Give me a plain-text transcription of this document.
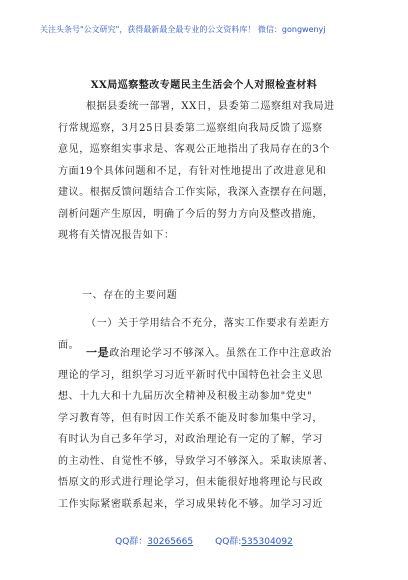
关注头条号"公文研究"，获得最新最全最专业的公文资料库！ 微信：gongwenyj
XX局巡察整改专题民主生活会个人对照检查材料
根据县委统一部署，XX日，县委第二巡察组对我局进
行常规巡察，3月25日县委第二巡察组向我局反馈了巡察
意见，巡察组实事求是、客观公正地指出了我局存在的3个
方面19个具体问题和不足，有针对性地提出了改进意见和
建议。根据反馈问题结合工作实际，我深入查摆存在问题，
剖析问题产生原因，明确了今后的努力方向及整改措施，
现将有关情况报告如下：
一、存在的主要问题
（一）关于学用结合不充分，落实工作要求有差距方
面。
一是政治理论学习不够深入。虽然在工作中注意政治
理论的学习，组织学习习近平新时代中国特色社会主义思
想、十九大和十九届历次全精神及积极主动参加"党史"
学习教育等，但有时因工作关系不能及时参加集中学习，
有时认为自己多年学习，对政治理论有一定的了解，学习
的主动性、自觉性不够，导致学习不够深入。采取读原著、
悟原文的形式进行理论学习，但未能很好地将理论与民政
工作实际紧密联系起来，学习成果转化不够。加学习习近
QQ群：30265665 QQ群:535304092
